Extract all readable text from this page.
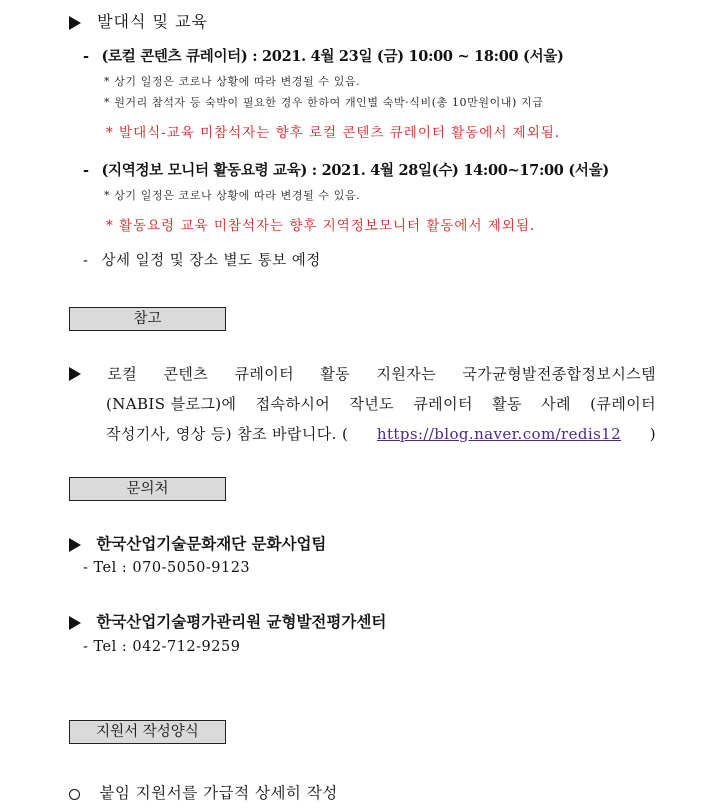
발대식 및 교육
- (로컬 콘텐츠 큐레이터) : 2021. 4월 23일 (금) 10:00 ~ 18:00 (서울)
* 상기 일정은 코로나 상황에 따라 변경될 수 있음.
* 원거리 참석자 등 숙박이 필요한 경우 한하여 개인별 숙박·식비(총 10만원이내) 지급
* 발대식-교육 미참석자는 향후 로컬 콘텐츠 큐레이터 활동에서 제외됨.
- (지역정보 모니터 활동요령 교육) : 2021. 4월 28일(수) 14:00~17:00 (서울)
* 상기 일정은 코로나 상황에 따라 변경될 수 있음.
* 활동요령 교육 미참석자는 향후 지역정보모니터 활동에서 제외됨.
- 상세 일정 및 장소 별도 통보 예정
참고
로컬 콘텐츠 큐레이터 활동 지원자는 국가균형발전종합정보시스템
(NABIS 블로그)에 접속하시어 작년도 큐레이터 활동 사례 (큐레이터
작성기사, 영상 등) 참조 바랍니다. ( https://blog.naver.com/redis12 )
문의처
한국산업기술문화재단 문화사업팀
- Tel : 070-5050-9123
한국산업기술평가관리원 균형발전평가센터
- Tel : 042-712-9259
지원서 작성양식
붙임 지원서를 가급적 상세히 작성
